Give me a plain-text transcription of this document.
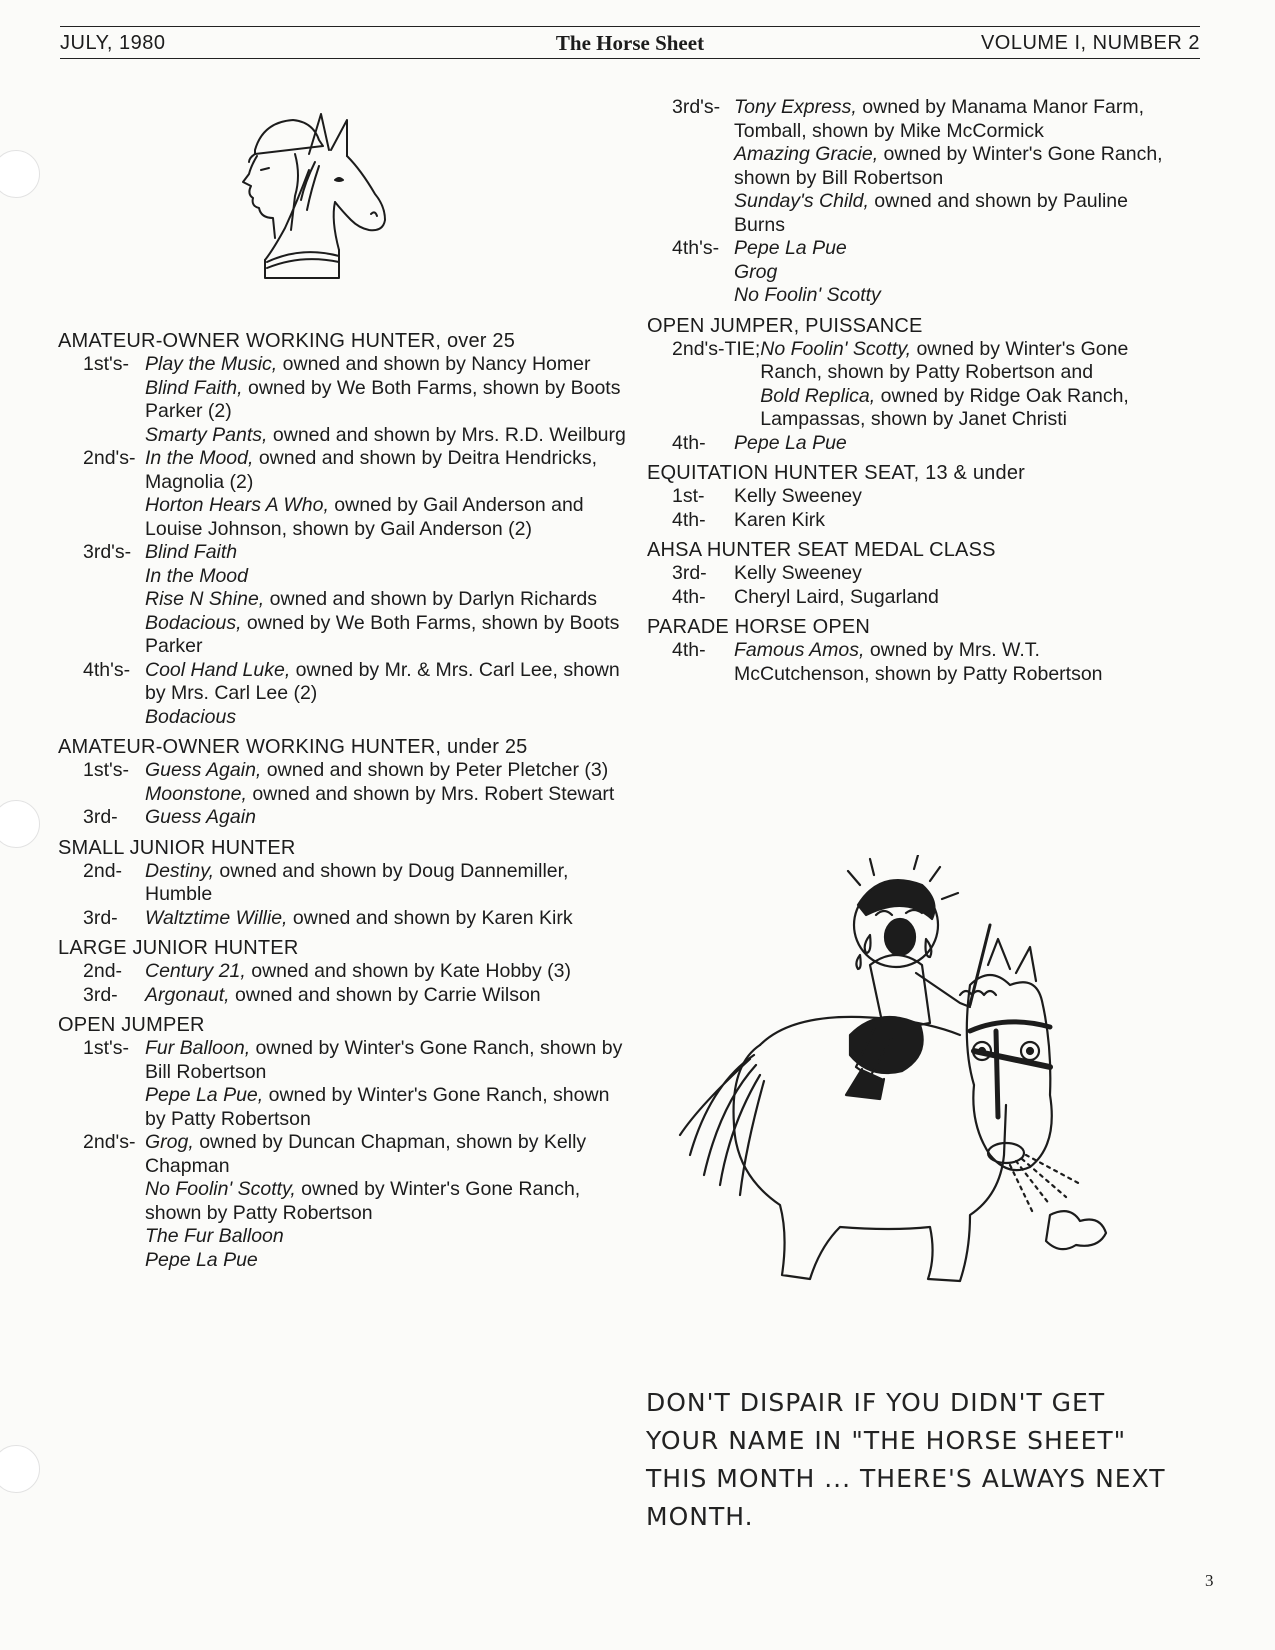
JULY, 1980	The Horse Sheet	VOLUME I, NUMBER 2
AMATEUR-OWNER WORKING HUNTER, over 25
1st's- Play the Music, owned and shown by Nancy Homer
Blind Faith, owned by We Both Farms, shown by Boots Parker (2)
Smarty Pants, owned and shown by Mrs. R.D. Weilburg
2nd's- In the Mood, owned and shown by Deitra Hendricks, Magnolia (2)
Horton Hears A Who, owned by Gail Anderson and Louise Johnson, shown by Gail Anderson (2)
3rd's- Blind Faith
In the Mood
Rise N Shine, owned and shown by Darlyn Richards
Bodacious, owned by We Both Farms, shown by Boots Parker
4th's- Cool Hand Luke, owned by Mr. & Mrs. Carl Lee, shown by Mrs. Carl Lee (2)
Bodacious
AMATEUR-OWNER WORKING HUNTER, under 25
1st's- Guess Again, owned and shown by Peter Pletcher (3)
Moonstone, owned and shown by Mrs. Robert Stewart
3rd-	Guess Again
SMALL JUNIOR HUNTER
2nd-	Destiny, owned and shown by Doug Dannemiller, Humble
3rd-	Waltztime Willie, owned and shown by Karen Kirk
LARGE JUNIOR HUNTER
2nd-	Century 21, owned and shown by Kate Hobby (3)
3rd-	Argonaut, owned and shown by Carrie Wilson
OPEN JUMPER
1st's- Fur Balloon, owned by Winter's Gone Ranch, shown by Bill Robertson
Pepe La Pue, owned by Winter's Gone Ranch, shown by Patty Robertson
2nd's- Grog, owned by Duncan Chapman, shown by Kelly Chapman
No Foolin' Scotty, owned by Winter's Gone Ranch, shown by Patty Robertson
The Fur Balloon
Pepe La Pue
3rd's- Tony Express, owned by Manama Manor Farm, Tomball, shown by Mike McCormick
Amazing Gracie, owned by Winter's Gone Ranch, shown by Bill Robertson
Sunday's Child, owned and shown by Pauline Burns
4th's- Pepe La Pue
Grog
No Foolin' Scotty
OPEN JUMPER, PUISSANCE
2nd's-TIE; No Foolin' Scotty, owned by Winter's Gone Ranch, shown by Patty Robertson and
Bold Replica, owned by Ridge Oak Ranch, Lampassas, shown by Janet Christi
4th-	Pepe La Pue
EQUITATION HUNTER SEAT, 13 & under
1st-	Kelly Sweeney
4th-	Karen Kirk
AHSA HUNTER SEAT MEDAL CLASS
3rd-	Kelly Sweeney
4th-	Cheryl Laird, Sugarland
PARADE HORSE OPEN
4th-	Famous Amos, owned by Mrs. W.T. McCutchenson, shown by Patty Robertson
DON'T DISPAIR IF YOU DIDN'T GET YOUR NAME IN "THE HORSE SHEET" THIS MONTH ... THERE'S ALWAYS NEXT MONTH.
3
